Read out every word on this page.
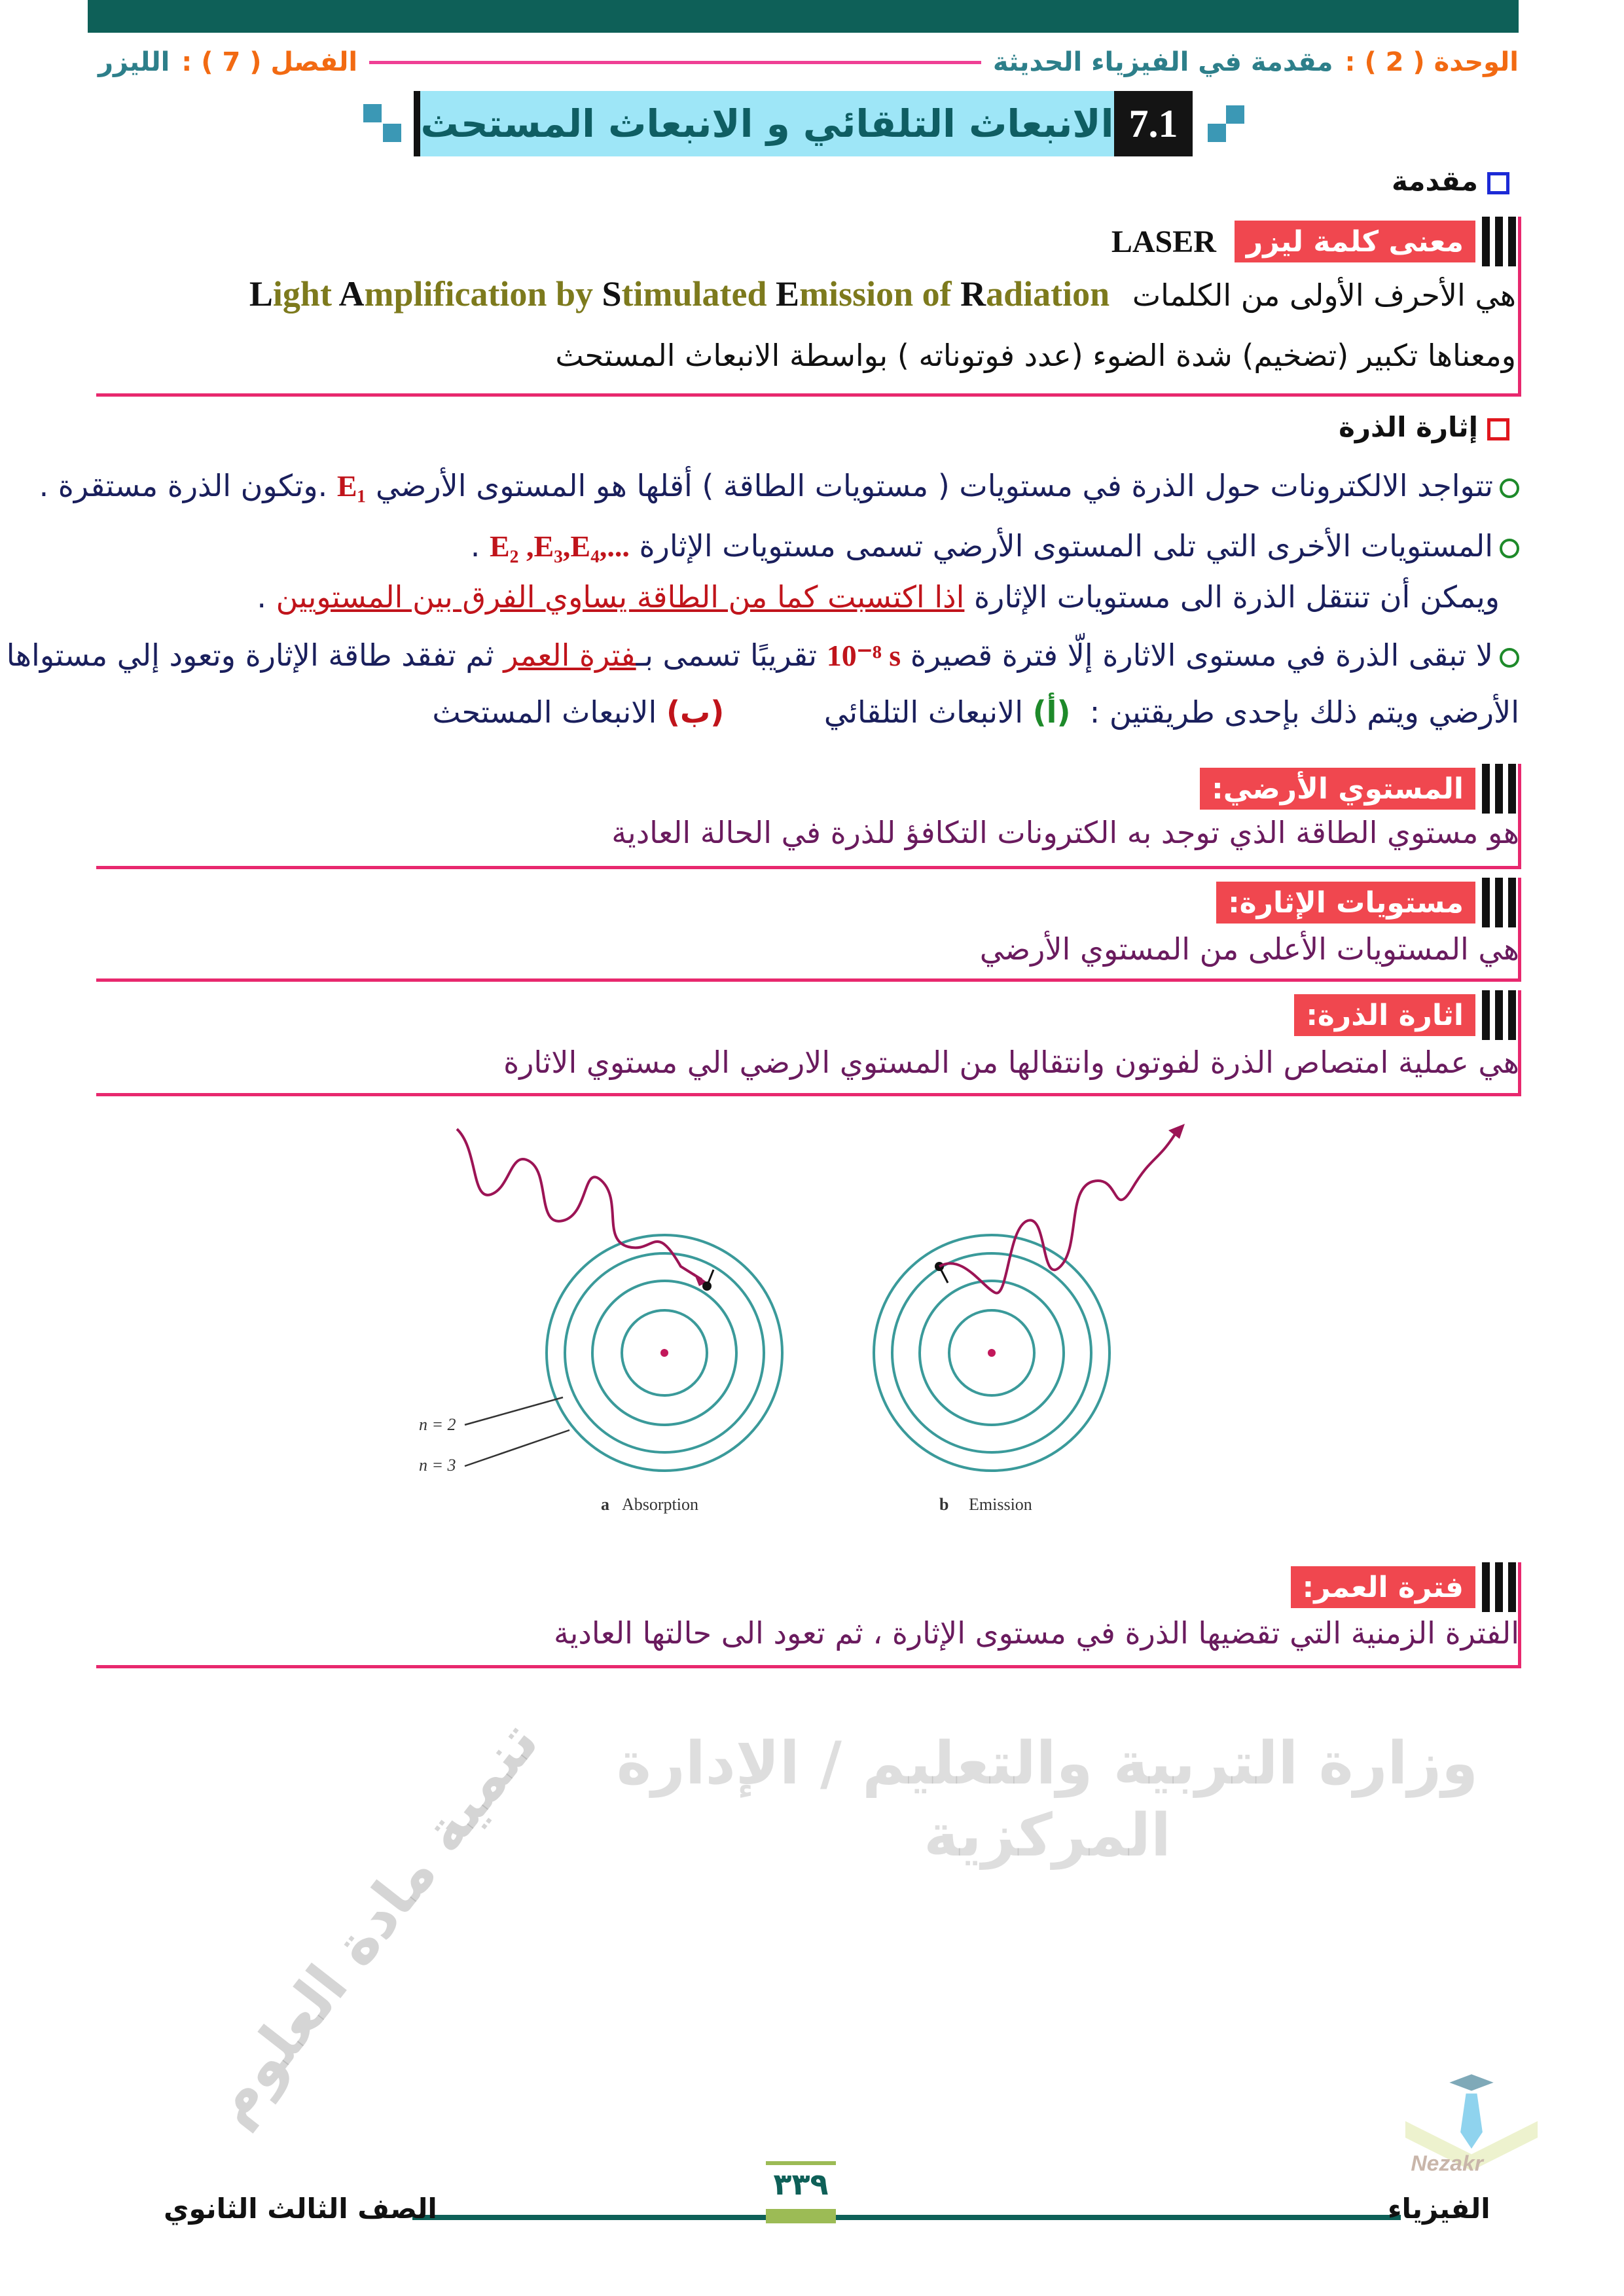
الوحدة ( 2 ) :
مقدمة في الفيزياء الحديثة
الفصل ( 7 ) :
الليزر
7.1
الانبعاث التلقائي و الانبعاث المستحث
مقدمة
معنى كلمة ليزر
LASER
هي الأحرف الأولى من الكلمات Light Amplification by Stimulated Emission of Radiation
ومعناها تكبير (تضخيم) شدة الضوء (عدد فوتوناته ) بواسطة الانبعاث المستحث
إثارة الذرة
تتواجد الالكترونات حول الذرة في مستويات ( مستويات الطاقة ) أقلها هو المستوى الأرضي E₁ .وتكون الذرة مستقرة .
المستويات الأخرى التي تلى المستوى الأرضي تسمى مستويات الإثارة E₂ ,E₃,E₄,... .
ويمكن أن تنتقل الذرة الى مستويات الإثارة اذا اكتسبت كما من الطاقة يساوي الفرق بين المستويين .
لا تبقى الذرة في مستوى الاثارة إلّا فترة قصيرة 10⁻⁸ s تقريبًا تسمى بـفترة العمر ثم تفقد طاقة الإثارة وتعود إلي مستواها
الأرضي ويتم ذلك بإحدى طريقتين :  (أ) الانبعاث التلقائي    (ب) الانبعاث المستحث
المستوي الأرضي:
هو مستوي الطاقة الذي توجد به الكترونات التكافؤ للذرة في الحالة العادية
مستويات الإثارة:
هي المستويات الأعلى من المستوي الأرضي
اثارة الذرة:
هي عملية امتصاص الذرة لفوتون وانتقالها من المستوي الارضي الي مستوي الاثارة
n = 2
n = 3
a Absorption	b Emission
فترة العمر:
الفترة الزمنية التي تقضيها الذرة في مستوى الإثارة ، ثم تعود الى حالتها العادية
وزارة التربية والتعليم / الإدارة المركزية
تنمية مادة العلوم
٣٣٩
الصف الثالث الثانوي
Nezakr
الفيزياء
